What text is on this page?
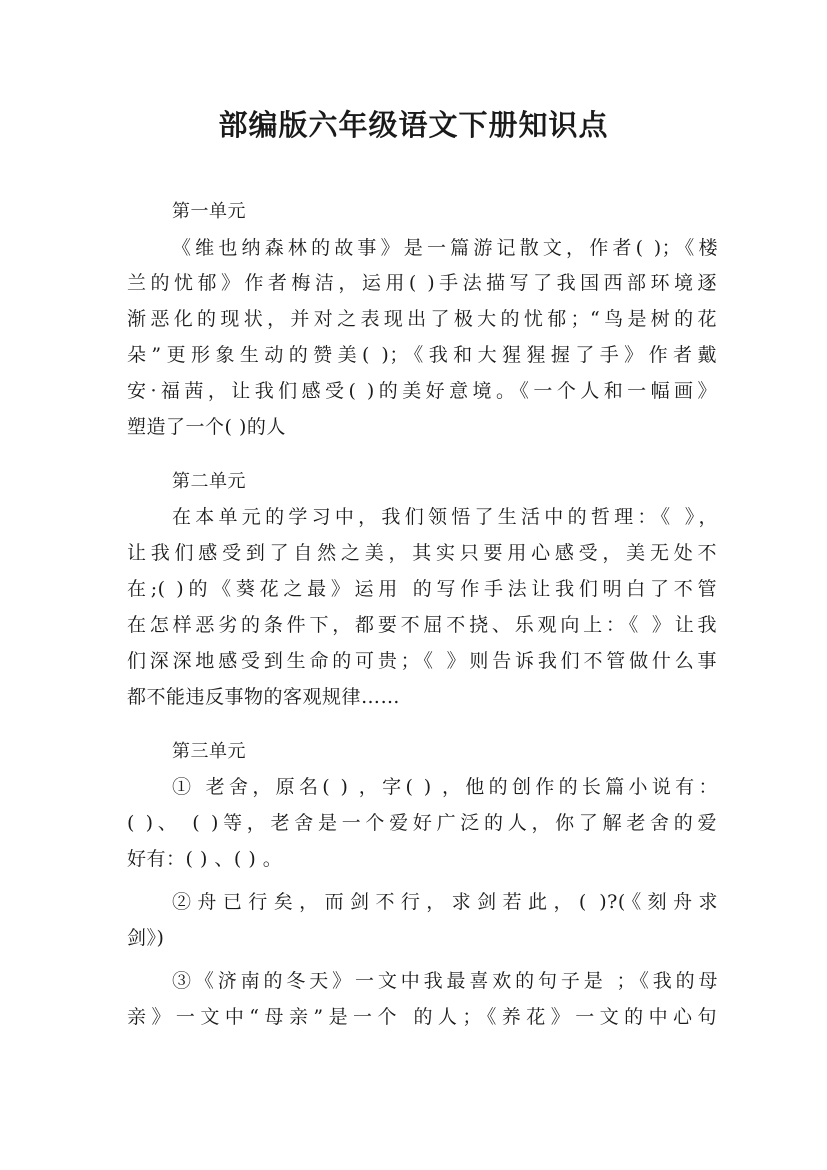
部编版六年级语文下册知识点
第一单元
《维也纳森林的故事》是一篇游记散文，作者( )；《楼
兰的忧郁》作者梅洁，运用( )手法描写了我国西部环境逐
渐恶化的现状，并对之表现出了极大的忧郁；“鸟是树的花
朵”更形象生动的赞美( )；《我和大猩猩握了手》作者戴
安·福茜，让我们感受( )的美好意境。《一个人和一幅画》
塑造了一个( )的人
第二单元
在本单元的学习中，我们领悟了生活中的哲理：《 》，
让我们感受到了自然之美，其实只要用心感受，美无处不
在;( )的《葵花之最》运用 的写作手法让我们明白了不管
在怎样恶劣的条件下，都要不屈不挠、乐观向上：《 》让我
们深深地感受到生命的可贵；《 》则告诉我们不管做什么事
都不能违反事物的客观规律……
第三单元
① 老舍，原名( ) ，字( ) ，他的创作的长篇小说有：
( )、 ( )等，老舍是一个爱好广泛的人，你了解老舍的爱
好有：( ) 、( ) 。
②舟已行矣，而剑不行，求剑若此，( )?(《刻舟求
剑》)
③《济南的冬天》一文中我最喜欢的句子是 ；《我的母
亲》一文中“母亲”是一个 的人；《养花》一文的中心句
